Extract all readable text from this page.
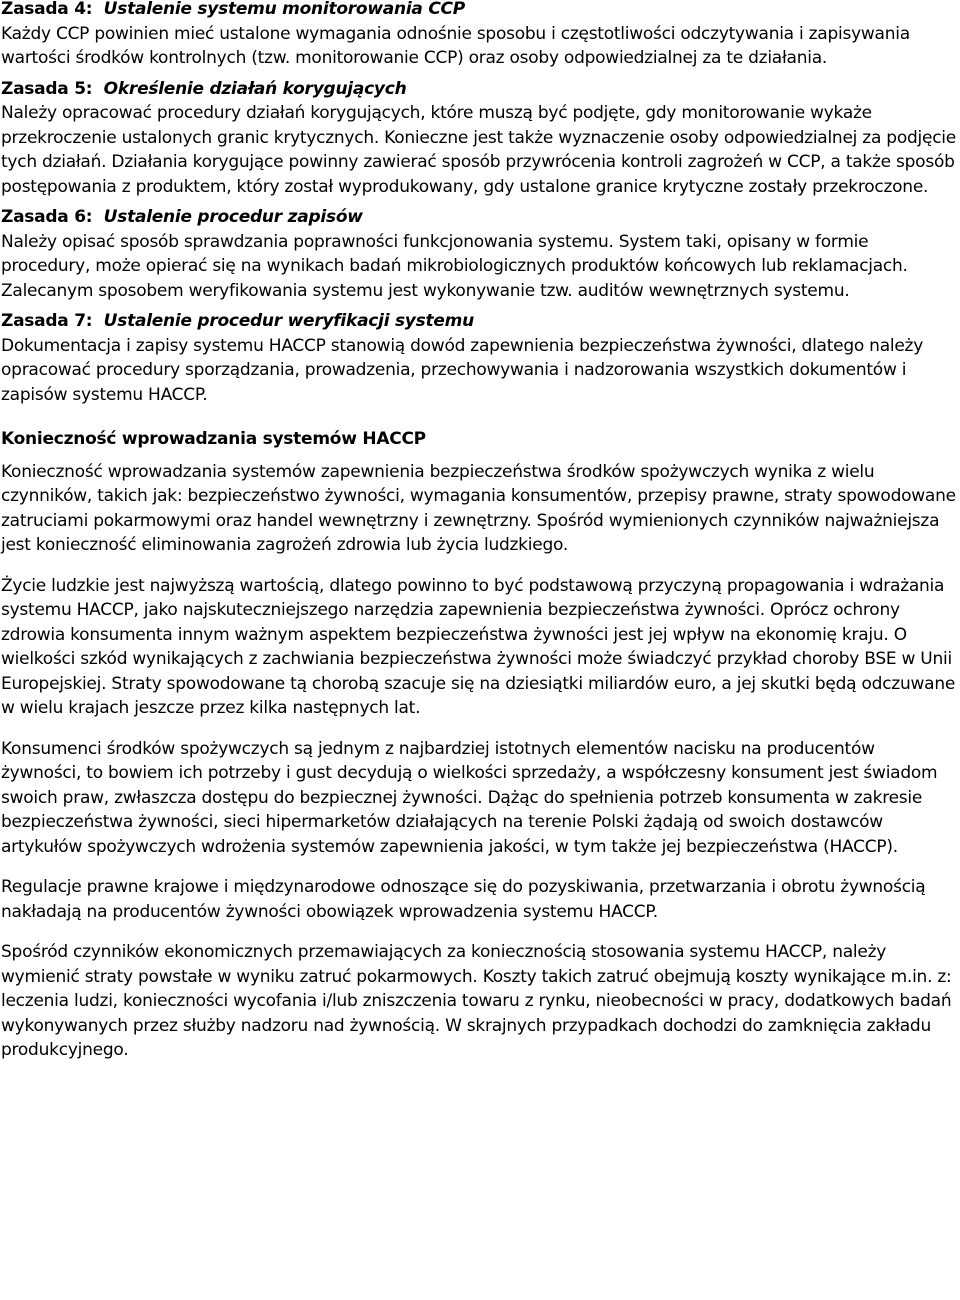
Zasada 4: Ustalenie systemu monitorowania CCP
Każdy CCP powinien mieć ustalone wymagania odnośnie sposobu i częstotliwości odczytywania i zapisywania wartości środków kontrolnych (tzw. monitorowanie CCP) oraz osoby odpowiedzialnej za te działania.
Zasada 5: Określenie działań korygujących
Należy opracować procedury działań korygujących, które muszą być podjęte, gdy monitorowanie wykaże przekroczenie ustalonych granic krytycznych. Konieczne jest także wyznaczenie osoby odpowiedzialnej za podjęcie tych działań. Działania korygujące powinny zawierać sposób przywrócenia kontroli zagrożeń w CCP, a także sposób postępowania z produktem, który został wyprodukowany, gdy ustalone granice krytyczne zostały przekroczone.
Zasada 6: Ustalenie procedur zapisów
Należy opisać sposób sprawdzania poprawności funkcjonowania systemu. System taki, opisany w formie procedury, może opierać się na wynikach badań mikrobiologicznych produktów końcowych lub reklamacjach. Zalecanym sposobem weryfikowania systemu jest wykonywanie tzw. auditów wewnętrznych systemu.
Zasada 7: Ustalenie procedur weryfikacji systemu
Dokumentacja i zapisy systemu HACCP stanowią dowód zapewnienia bezpieczeństwa żywności, dlatego należy opracować procedury sporządzania, prowadzenia, przechowywania i nadzorowania wszystkich dokumentów i zapisów systemu HACCP.
Konieczność wprowadzania systemów HACCP
Konieczność wprowadzania systemów zapewnienia bezpieczeństwa środków spożywczych wynika z wielu czynników, takich jak: bezpieczeństwo żywności, wymagania konsumentów, przepisy prawne, straty spowodowane zatruciami pokarmowymi oraz handel wewnętrzny i zewnętrzny. Spośród wymienionych czynników najważniejsza jest konieczność eliminowania zagrożeń zdrowia lub życia ludzkiego.
Życie ludzkie jest najwyższą wartością, dlatego powinno to być podstawową przyczyną propagowania i wdrażania systemu HACCP, jako najskuteczniejszego narzędzia zapewnienia bezpieczeństwa żywności. Oprócz ochrony zdrowia konsumenta innym ważnym aspektem bezpieczeństwa żywności jest jej wpływ na ekonomię kraju. O wielkości szkód wynikających z zachwiania bezpieczeństwa żywności może świadczyć przykład choroby BSE w Unii Europejskiej. Straty spowodowane tą chorobą szacuje się na dziesiątki miliardów euro, a jej skutki będą odczuwane w wielu krajach jeszcze przez kilka następnych lat.
Konsumenci środków spożywczych są jednym z najbardziej istotnych elementów nacisku na producentów żywności, to bowiem ich potrzeby i gust decydują o wielkości sprzedaży, a współczesny konsument jest świadom swoich praw, zwłaszcza dostępu do bezpiecznej żywności. Dążąc do spełnienia potrzeb konsumenta w zakresie bezpieczeństwa żywności, sieci hipermarketów działających na terenie Polski żądają od swoich dostawców artykułów spożywczych wdrożenia systemów zapewnienia jakości, w tym także jej bezpieczeństwa (HACCP).
Regulacje prawne krajowe i międzynarodowe odnoszące się do pozyskiwania, przetwarzania i obrotu żywnością nakładają na producentów żywności obowiązek wprowadzenia systemu HACCP.
Spośród czynników ekonomicznych przemawiających za koniecznością stosowania systemu HACCP, należy wymienić straty powstałe w wyniku zatruć pokarmowych. Koszty takich zatruć obejmują koszty wynikające m.in. z: leczenia ludzi, konieczności wycofania i/lub zniszczenia towaru z rynku, nieobecności w pracy, dodatkowych badań wykonywanych przez służby nadzoru nad żywnością. W skrajnych przypadkach dochodzi do zamknięcia zakładu produkcyjnego.
